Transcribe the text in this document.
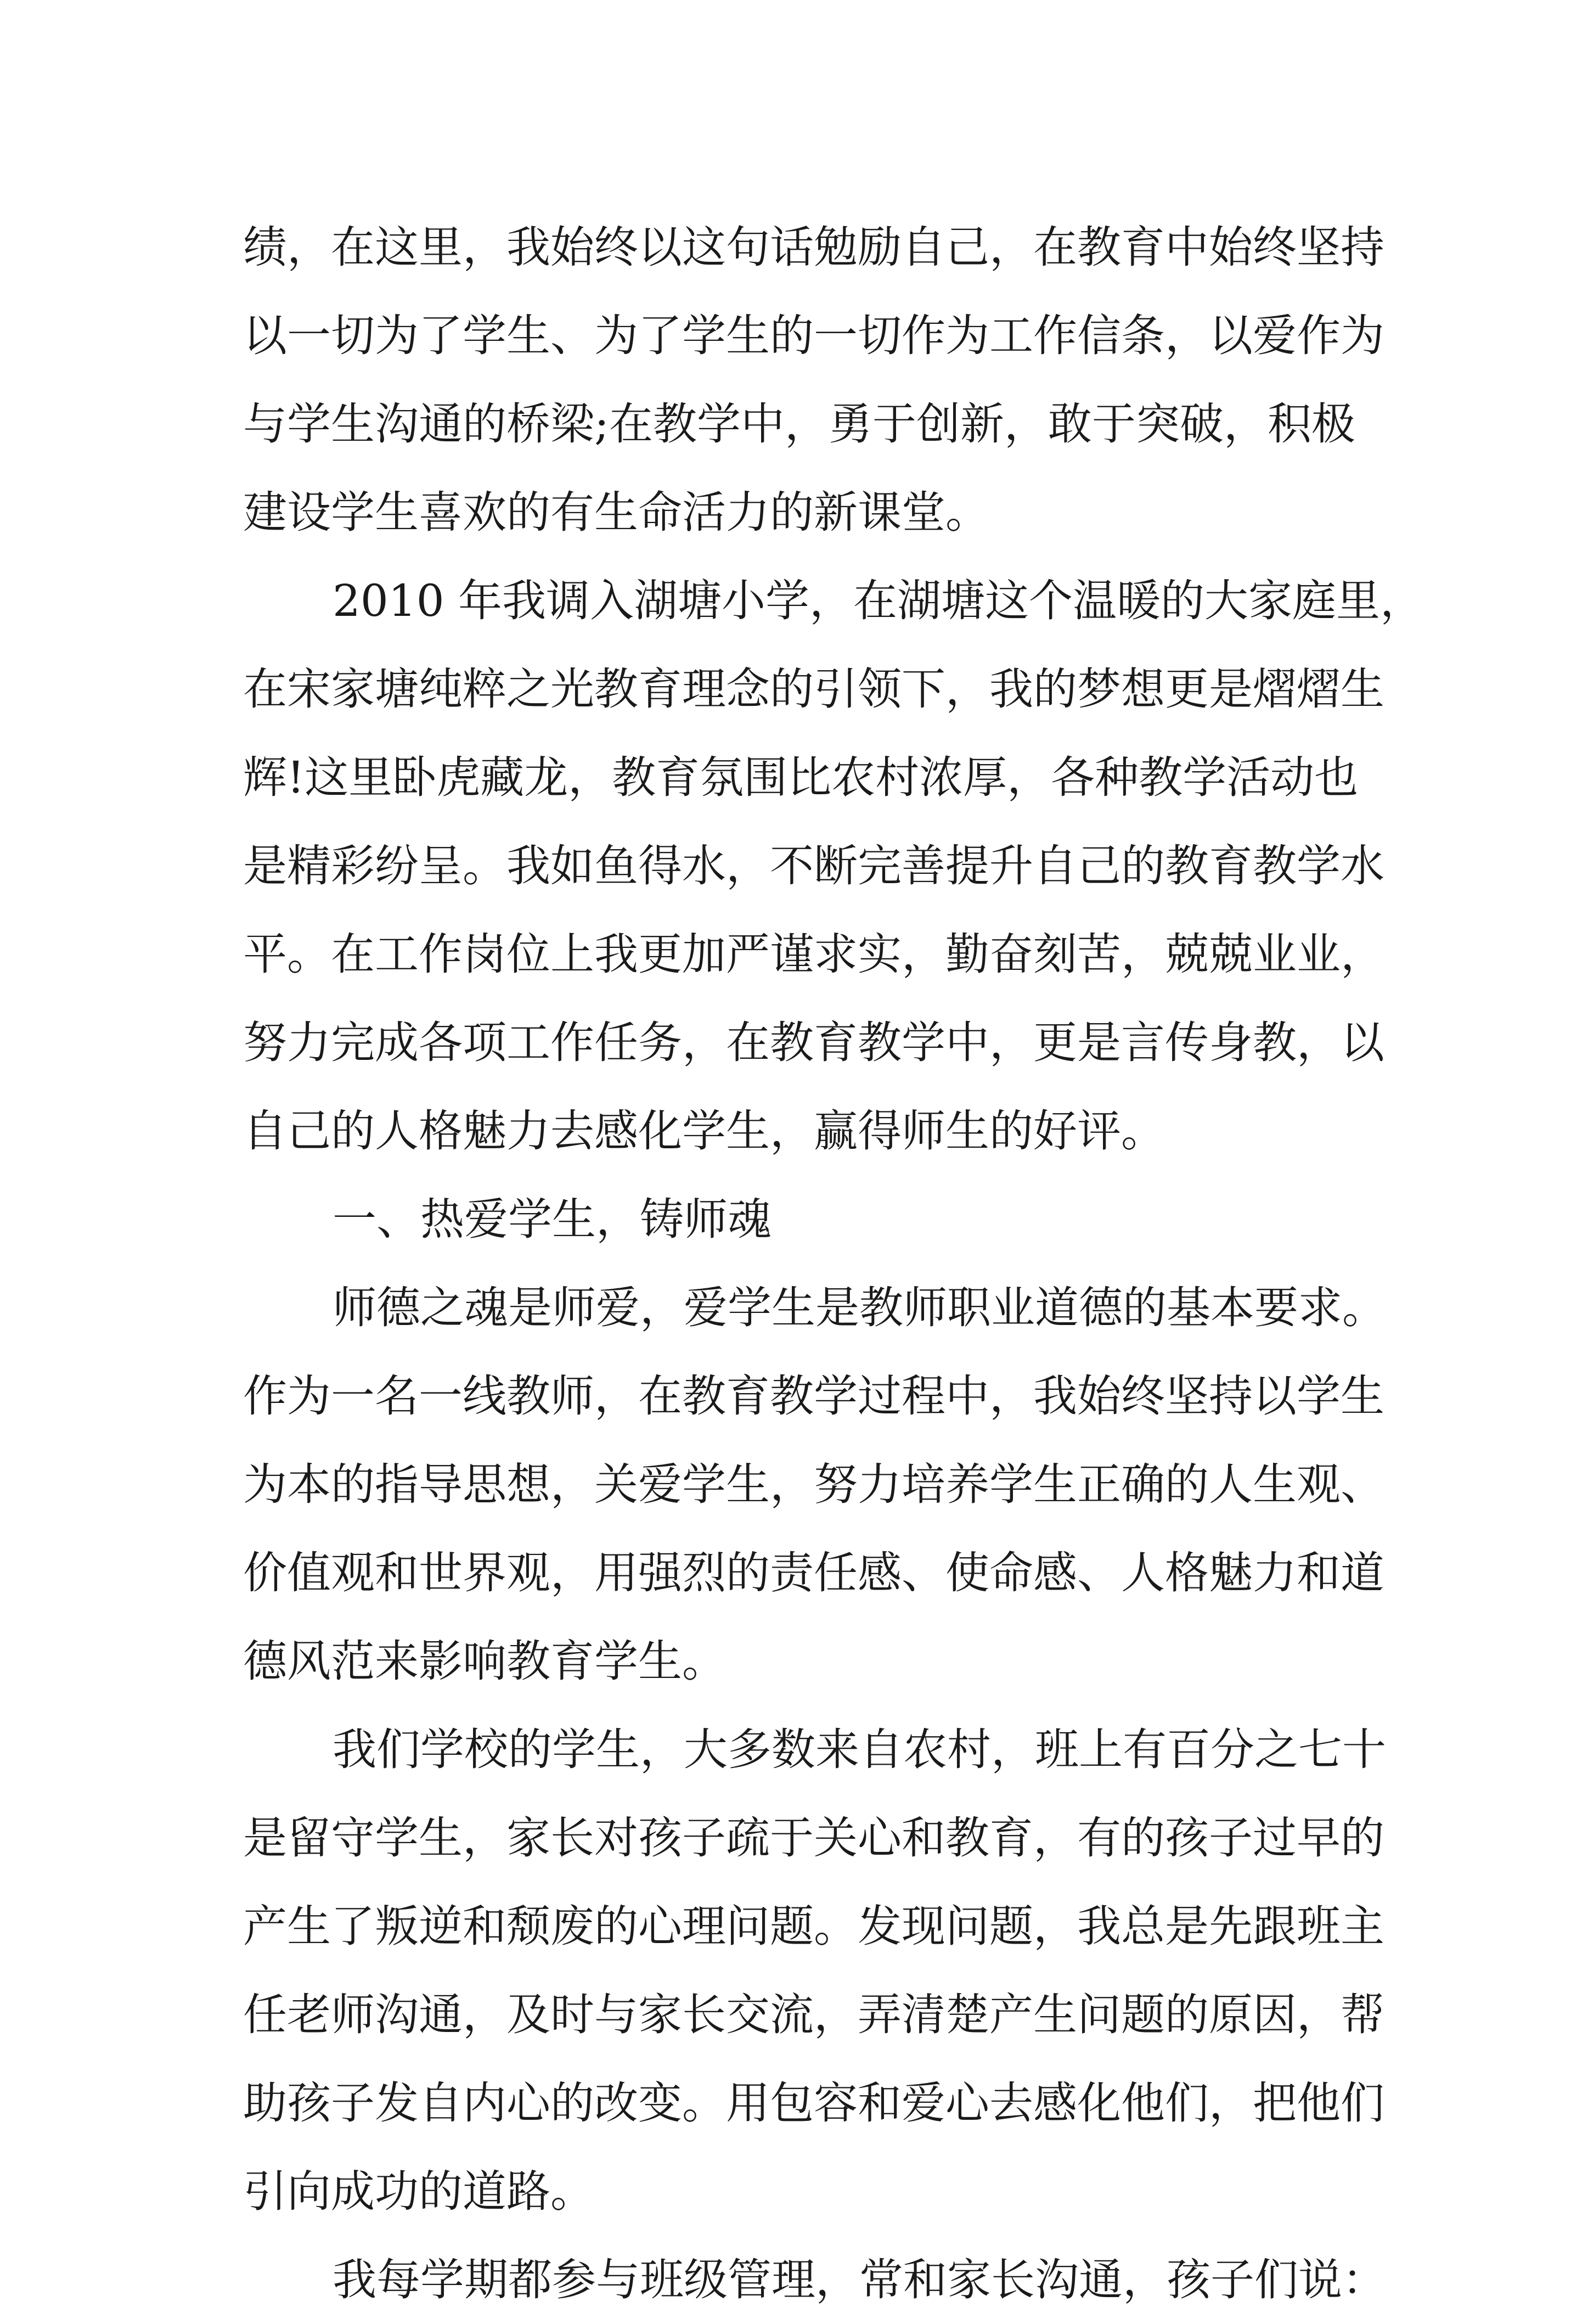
绩，在这里，我始终以这句话勉励自己，在教育中始终坚持
以一切为了学生、为了学生的一切作为工作信条，以爱作为
与学生沟通的桥梁;在教学中，勇于创新，敢于突破，积极
建设学生喜欢的有生命活力的新课堂。
2010 年我调入湖塘小学，在湖塘这个温暖的大家庭里，
在宋家塘纯粹之光教育理念的引领下，我的梦想更是熠熠生
辉!这里卧虎藏龙，教育氛围比农村浓厚，各种教学活动也
是精彩纷呈。我如鱼得水，不断完善提升自己的教育教学水
平。在工作岗位上我更加严谨求实，勤奋刻苦，兢兢业业，
努力完成各项工作任务，在教育教学中，更是言传身教，以
自己的人格魅力去感化学生，赢得师生的好评。
一、热爱学生，铸师魂
师德之魂是师爱，爱学生是教师职业道德的基本要求。
作为一名一线教师，在教育教学过程中，我始终坚持以学生
为本的指导思想，关爱学生，努力培养学生正确的人生观、
价值观和世界观，用强烈的责任感、使命感、人格魅力和道
德风范来影响教育学生。
我们学校的学生，大多数来自农村，班上有百分之七十
是留守学生，家长对孩子疏于关心和教育，有的孩子过早的
产生了叛逆和颓废的心理问题。发现问题，我总是先跟班主
任老师沟通，及时与家长交流，弄清楚产生问题的原因，帮
助孩子发自内心的改变。用包容和爱心去感化他们，把他们
引向成功的道路。
我每学期都参与班级管理，常和家长沟通，孩子们说：
